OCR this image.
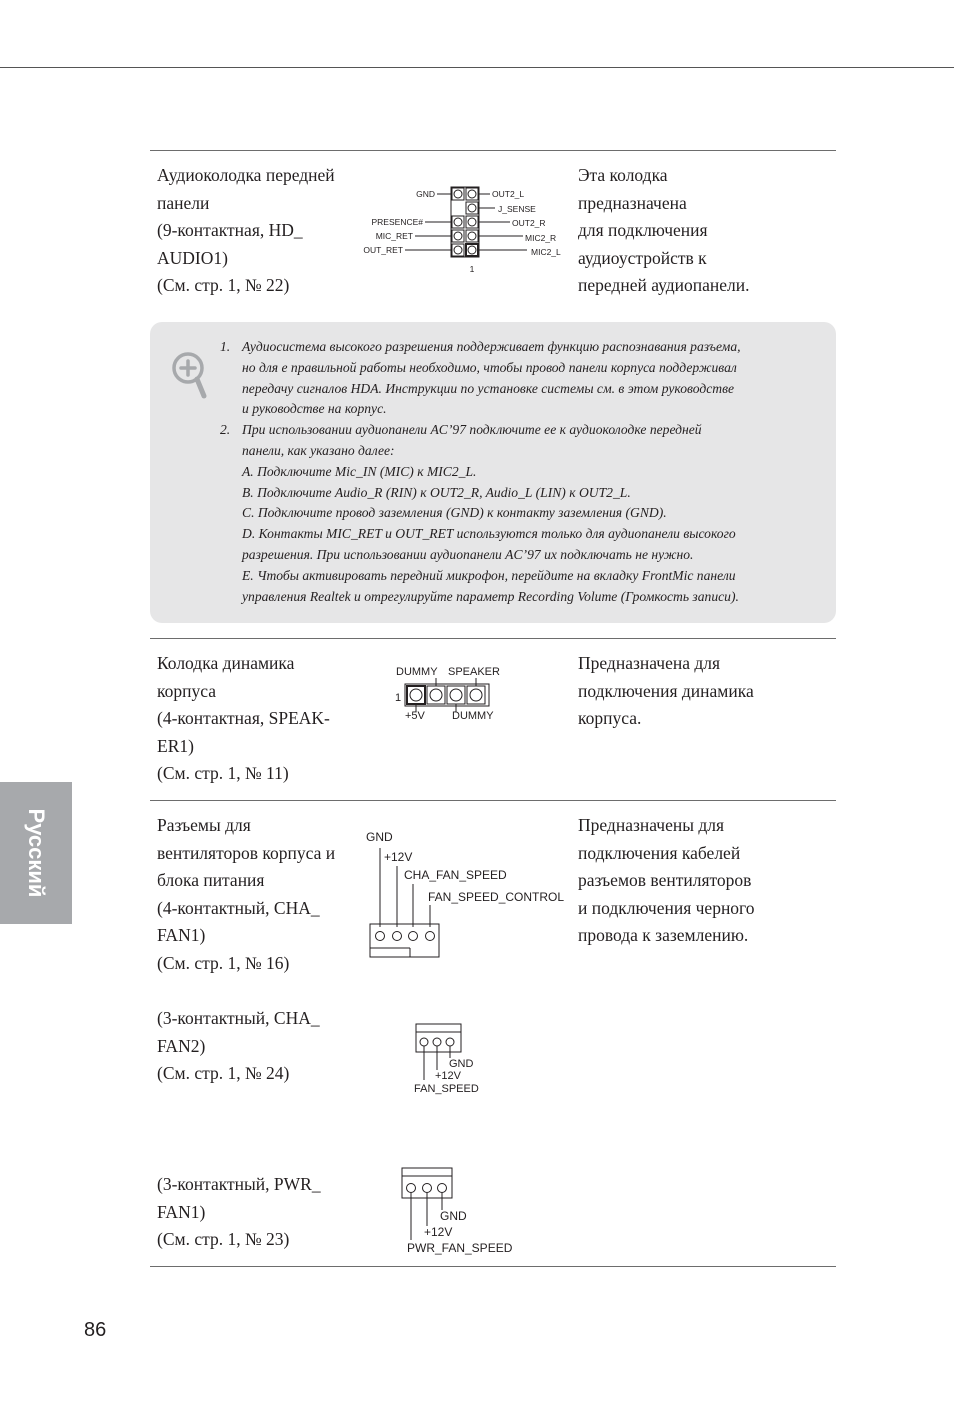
Аудиоколодка передней
панели
(9-контактная, HD_
AUDIO1)
(См. стр. 1, № 22)
Эта колодка
предназначена
для подключения
аудиоустройств к
передней аудиопанели.
GND
PRESENCE#
MIC_RET
OUT_RET
OUT2_L
J_SENSE
OUT2_R
MIC2_R
MIC2_L
1
1. Аудиосистема высокого разрешения поддерживает функцию распознавания разъема,
но для е правильной работы необходимо, чтобы провод панели корпуса поддерживал
передачу сигналов HDA. Инструкции по установке системы см. в этом руководстве
и руководстве на корпус.
2. При использовании аудиопанели AC’97 подключите ее к аудиоколодке передней
панели, как указано далее:
A. Подключите Mic_IN (MIC) к MIC2_L.
B. Подключите Audio_R (RIN) к OUT2_R, Audio_L (LIN) к OUT2_L.
C. Подключите провод заземления (GND) к контакту заземления (GND).
D. Контакты MIC_RET и OUT_RET используются только для аудиопанели высокого
разрешения. При использовании аудиопанели AC’97 их подключать не нужно.
E. Чтобы активировать передний микрофон, перейдите на вкладку FrontMic панели
управления Realtek и отрегулируйте параметр Recording Volume (Громкость записи).
Колодка динамика
корпуса
(4-контактная, SPEAK-
ER1)
(См. стр. 1, № 11)
Предназначена для
подключения динамика
корпуса.
DUMMY SPEAKER
1
+5V DUMMY
Разъемы для
вентиляторов корпуса и
блока питания
(4-контактный, CHA_
FAN1)
(См. стр. 1, № 16)
Предназначены для
подключения кабелей
разъемов вентиляторов
и подключения черного
провода к заземлению.
GND
+12V
CHA_FAN_SPEED
FAN_SPEED_CONTROL
(3-контактный, CHA_
FAN2)
(См. стр. 1, № 24)	GND
+12V
FAN_SPEED
(3-контактный, PWR_
FAN1)
(См. стр. 1, № 23)
GND
+12V
PWR_FAN_SPEED
Русский
86
